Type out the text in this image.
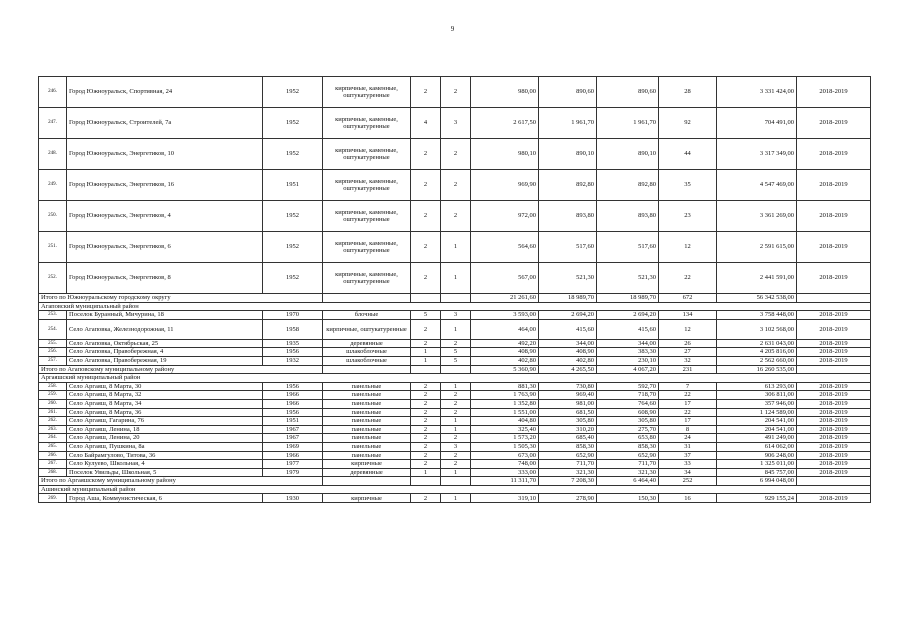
9
246.	Город Южноуральск, Спортивная, 24	1952	кирпичные, каменные, оштукатуренные	2	2	980,00	890,60	890,60	28	3 331 424,00	2018-2019
247.	Город Южноуральск, Строителей, 7а	1952	кирпичные, каменные, оштукатуренные	4	3	2 617,50	1 961,70	1 961,70	92	704 491,00	2018-2019
248.	Город Южноуральск, Энергетиков, 10	1952	кирпичные, каменные, оштукатуренные	2	2	980,10	890,10	890,10	44	3 317 349,00	2018-2019
249.	Город Южноуральск, Энергетиков, 16	1951	кирпичные, каменные, оштукатуренные	2	2	969,90	892,80	892,80	35	4 547 469,00	2018-2019
250.	Город Южноуральск, Энергетиков, 4	1952	кирпичные, каменные, оштукатуренные	2	2	972,00	893,80	893,80	23	3 361 269,00	2018-2019
251.	Город Южноуральск, Энергетиков, 6	1952	кирпичные, каменные, оштукатуренные	2	1	564,60	517,60	517,60	12	2 591 615,00	2018-2019
252.	Город Южноуральск, Энергетиков, 8	1952	кирпичные, каменные, оштукатуренные	2	1	567,00	521,30	521,30	22	2 441 591,00	2018-2019
Итого по Южноуральскому городскому округу						21 261,60	18 989,70	18 989,70	672	56 342 538,00	
Агаповский муниципальный район											
253.	Поселок Буранный, Мичурина, 18	1970	блочные	5	3	3 593,00	2 694,20	2 694,20	134	3 758 448,00	2018-2019
254.	Село Агаповка, Железнодорожная, 11	1958	кирпичные, оштукатуренные	2	1	464,00	415,60	415,60	12	3 102 568,00	2018-2019
255.	Село Агаповка, Октябрьская, 25	1935	деревянные	2	2	492,20	344,00	344,00	26	2 631 043,00	2018-2019
256.	Село Агаповка, Правобережная, 4	1956	шлакоблочные	1	5	408,90	408,90	383,30	27	4 205 816,00	2018-2019
257.	Село Агаповка, Правобережная, 19	1932	шлакоблочные	1	5	402,80	402,80	230,10	32	2 562 660,00	2018-2019
Итого по Агаповскому муниципальному району						5 360,90	4 265,50	4 067,20	231	16 260 535,00	
Аргаяшский муниципальный район											
258.	Село Аргаяш, 8 Марта, 30	1956	панельные	2	1	881,30	730,80	592,70	7	613 293,00	2018-2019
259.	Село Аргаяш, 8 Марта, 32	1966	панельные	2	2	1 763,90	969,40	718,70	22	306 811,00	2018-2019
260.	Село Аргаяш, 8 Марта, 34	1966	панельные	2	2	1 352,80	981,00	764,60	17	357 946,00	2018-2019
261.	Село Аргаяш, 8 Марта, 36	1956	панельные	2	2	1 551,00	681,50	608,90	22	1 124 589,00	2018-2019
262.	Село Аргаяш, Гагарина, 76	1951	панельные	2	1	404,80	305,80	305,80	17	204 541,00	2018-2019
263.	Село Аргаяш, Ленина, 18	1967	панельные	2	1	325,40	310,20	275,70	8	204 541,00	2018-2019
264.	Село Аргаяш, Ленина, 20	1967	панельные	2	2	1 573,20	685,40	653,80	24	491 249,00	2018-2019
265.	Село Аргаяш, Пушкина, 8а	1969	панельные	2	3	1 505,30	858,30	858,30	31	614 062,00	2018-2019
266.	Село Байрамгулово, Титова, 36	1966	панельные	2	2	673,00	652,90	652,90	37	906 248,00	2018-2019
267.	Село Кулуево, Школьная, 4	1977	кирпичные	2	2	748,00	711,70	711,70	33	1 325 011,00	2018-2019
268.	Поселок Увильды, Школьная, 5	1979	деревянные	1	1	333,00	321,30	321,30	34	845 757,00	2018-2019
Итого по Аргаяшскому муниципальному району						11 311,70	7 208,30	6 464,40	252	6 994 048,00	
Ашинский муниципальный район											
269.	Город Аша, Коммунистическая, 6	1930	кирпичные	2	1	319,10	278,90	150,30	16	929 155,24	2018-2019
